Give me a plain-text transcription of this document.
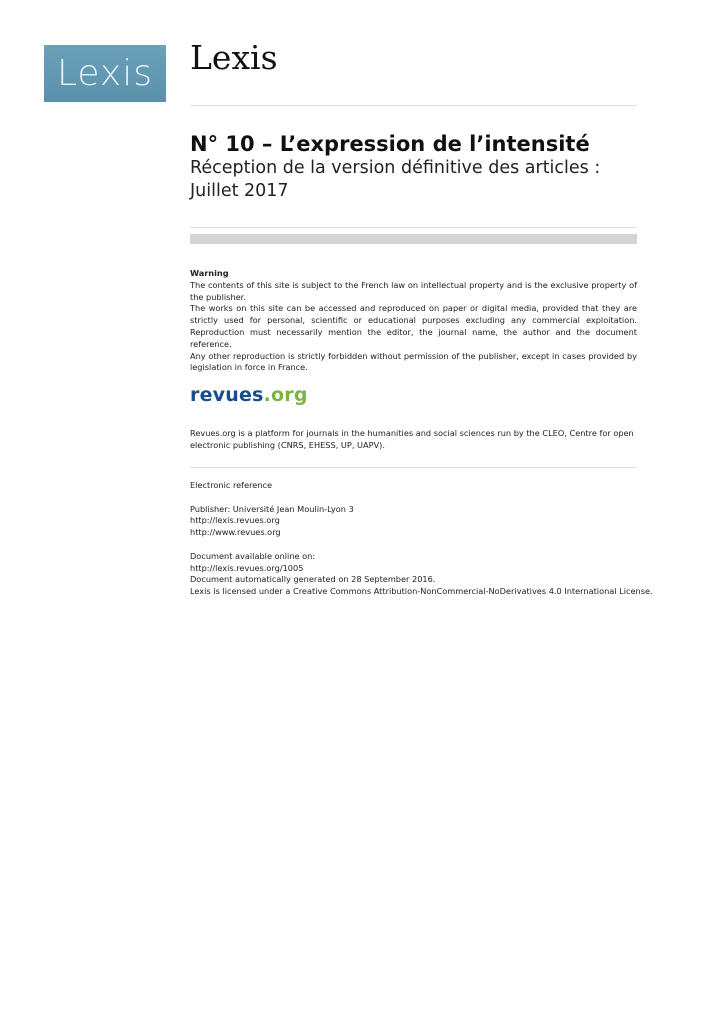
Lexis Lexis
N° 10 – L’expression de l’intensité
Réception de la version définitive des articles : Juillet 2017
Warning

The contents of this site is subject to the French law on intellectual property and is the exclusive property of the publisher.

The works on this site can be accessed and reproduced on paper or digital media, provided that they are strictly used for personal, scientific or educational purposes excluding any commercial exploitation. Reproduction must necessarily mention the editor, the journal name, the author and the document reference.

Any other reproduction is strictly forbidden without permission of the publisher, except in cases provided by legislation in force in France.

revues.org
Revues.org is a platform for journals in the humanities and social sciences run by the CLEO, Centre for open electronic publishing (CNRS, EHESS, UP, UAPV).
Electronic reference
Publisher: Université Jean Moulin-Lyon 3
http://lexis.revues.org
http://www.revues.org
Document available online on:
http://lexis.revues.org/1005
Document automatically generated on 28 September 2016.
Lexis is licensed under a Creative Commons Attribution-NonCommercial-NoDerivatives 4.0 International License.
